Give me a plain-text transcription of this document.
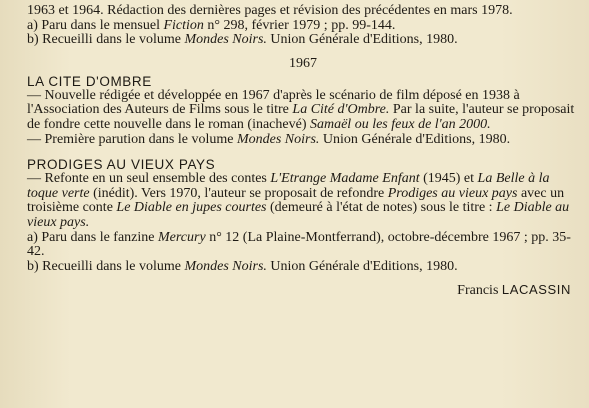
1963 et 1964. Rédaction des dernières pages et révision des précédentes en mars 1978.

a) Paru dans le mensuel Fiction n° 298, février 1979 ; pp. 99-144.

b) Recueilli dans le volume Mondes Noirs. Union Générale d'Editions, 1980.

1967

LA CITE D'OMBRE

— Nouvelle rédigée et développée en 1967 d'après le scénario de film déposé en 1938 à l'Association des Auteurs de Films sous le titre La Cité d'Ombre. Par la suite, l'auteur se proposait de fondre cette nouvelle dans le roman (inachevé) Samaël ou les feux de l'an 2000.

— Première parution dans le volume Mondes Noirs. Union Générale d'Editions, 1980.

PRODIGES AU VIEUX PAYS

— Refonte en un seul ensemble des contes L'Etrange Madame Enfant (1945) et La Belle à la toque verte (inédit). Vers 1970, l'auteur se proposait de refondre Prodiges au vieux pays avec un troisième conte Le Diable en jupes courtes (demeuré à l'état de notes) sous le titre : Le Diable au vieux pays.

a) Paru dans le fanzine Mercury n° 12 (La Plaine-Montferrand), octobre-décembre 1967 ; pp. 35-42.

b) Recueilli dans le volume Mondes Noirs. Union Générale d'Editions, 1980.

Francis LACASSIN
